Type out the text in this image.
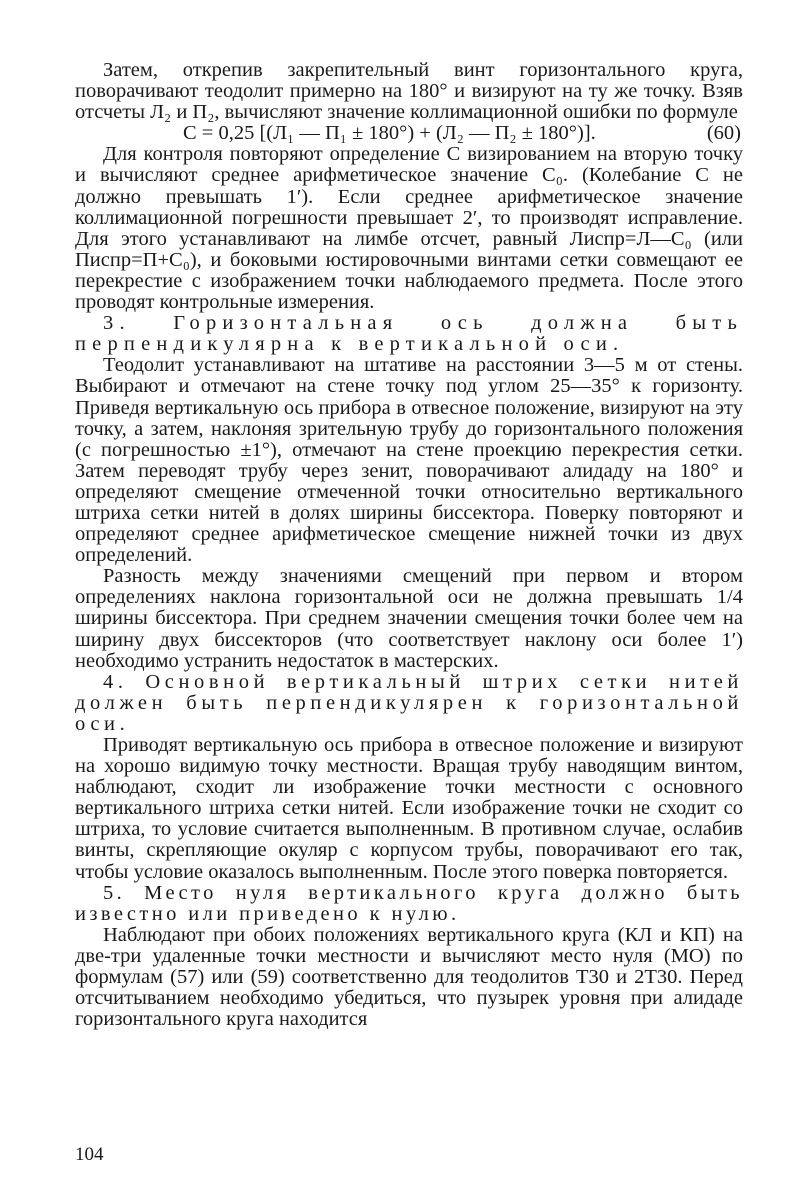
Затем, открепив закрепительный винт горизонтального круга, поворачивают теодолит примерно на 180° и визируют на ту же точку. Взяв отсчеты Л₂ и П₂, вычисляют значение коллимационной ошибки по формуле

C = 0,25 [(Л₁ — П₁ ± 180°) + (Л₂ — П₂ ± 180°)].	(60)

Для контроля повторяют определение C визированием на вторую точку и вычисляют среднее арифметическое значение C₀. (Колебание C не должно превышать 1′). Если среднее арифметическое значение коллимационной погрешности превышает 2′, то производят исправление. Для этого устанавливают на лимбе отсчет, равный Лиспр=Л—C₀ (или Писпр=П+C₀), и боковыми юстировочными винтами сетки совмещают ее перекрестие с изображением точки наблюдаемого предмета. После этого проводят контрольные измерения.

3. Горизонтальная ось должна быть перпендикулярна к вертикальной оси.

Теодолит устанавливают на штативе на расстоянии 3—5 м от стены. Выбирают и отмечают на стене точку под углом 25—35° к горизонту. Приведя вертикальную ось прибора в отвесное положение, визируют на эту точку, а затем, наклоняя зрительную трубу до горизонтального положения (с погрешностью ±1°), отмечают на стене проекцию перекрестия сетки. Затем переводят трубу через зенит, поворачивают алидаду на 180° и определяют смещение отмеченной точки относительно вертикального штриха сетки нитей в долях ширины биссектора. Поверку повторяют и определяют среднее арифметическое смещение нижней точки из двух определений.

Разность между значениями смещений при первом и втором определениях наклона горизонтальной оси не должна превышать 1/4 ширины биссектора. При среднем значении смещения точки более чем на ширину двух биссекторов (что соответствует наклону оси более 1′) необходимо устранить недостаток в мастерских.

4. Основной вертикальный штрих сетки нитей должен быть перпендикулярен к горизонтальной оси.

Приводят вертикальную ось прибора в отвесное положение и визируют на хорошо видимую точку местности. Вращая трубу наводящим винтом, наблюдают, сходит ли изображение точки местности с основного вертикального штриха сетки нитей. Если изображение точки не сходит со штриха, то условие считается выполненным. В противном случае, ослабив винты, скрепляющие окуляр с корпусом трубы, поворачивают его так, чтобы условие оказалось выполненным. После этого поверка повторяется.

5. Место нуля вертикального круга должно быть известно или приведено к нулю.

Наблюдают при обоих положениях вертикального круга (КЛ и КП) на две-три удаленные точки местности и вычисляют место нуля (МО) по формулам (57) или (59) соответственно для теодолитов Т30 и 2Т30. Перед отсчитыванием необходимо убедиться, что пузырек уровня при алидаде горизонтального круга находится

104
